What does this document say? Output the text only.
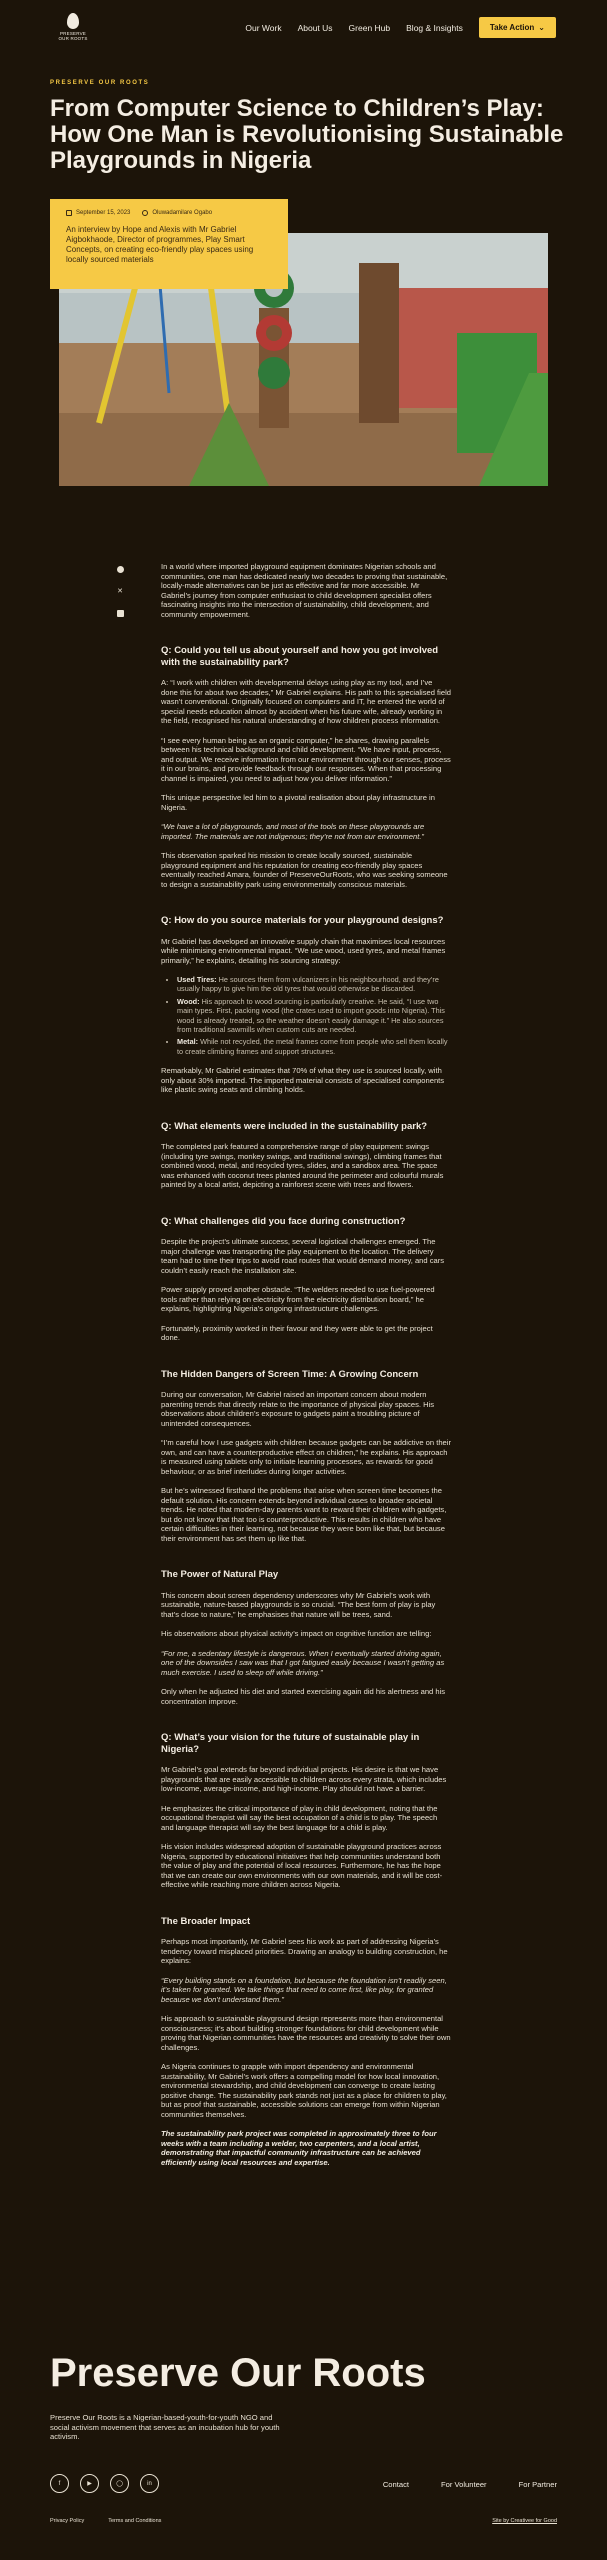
PRESERVE
OUR ROOTS
Our Work About Us Green Hub Blog & Insights	Take Action ⌄
PRESERVE OUR ROOTS
From Computer Science to Children’s Play: How One Man is Revolutionising Sustainable Playgrounds in Nigeria
September 15, 2023	Oluwadamilare Ogabo
An interview by Hope and Alexis with Mr Gabriel Aigbokhaode, Director of programmes, Play Smart Concepts, on creating eco-friendly play spaces using locally sourced materials
✕

In a world where imported playground equipment dominates Nigerian schools and communities, one man has dedicated nearly two decades to proving that sustainable, locally-made alternatives can be just as effective and far more accessible. Mr Gabriel’s journey from computer enthusiast to child development specialist offers fascinating insights into the intersection of sustainability, child development, and community empowerment.

Q: Could you tell us about yourself and how you got involved with the sustainability park?

A: “I work with children with developmental delays using play as my tool, and I’ve done this for about two decades,” Mr Gabriel explains. His path to this specialised field wasn’t conventional. Originally focused on computers and IT, he entered the world of special needs education almost by accident when his future wife, already working in the field, recognised his natural understanding of how children process information.

“I see every human being as an organic computer,” he shares, drawing parallels between his technical background and child development. “We have input, process, and output. We receive information from our environment through our senses, process it in our brains, and provide feedback through our responses. When that processing channel is impaired, you need to adjust how you deliver information.”

This unique perspective led him to a pivotal realisation about play infrastructure in Nigeria.

“We have a lot of playgrounds, and most of the tools on these playgrounds are imported. The materials are not indigenous; they’re not from our environment.”

This observation sparked his mission to create locally sourced, sustainable playground equipment and his reputation for creating eco-friendly play spaces eventually reached Amara, founder of PreserveOurRoots, who was seeking someone to design a sustainability park using environmentally conscious materials.

Q: How do you source materials for your playground designs?

Mr Gabriel has developed an innovative supply chain that maximises local resources while minimising environmental impact. “We use wood, used tyres, and metal frames primarily,” he explains, detailing his sourcing strategy:

• Used Tires: He sources them from vulcanizers in his neighbourhood, and they’re usually happy to give him the old tyres that would otherwise be discarded.
• Wood: His approach to wood sourcing is particularly creative. He said, “I use two main types. First, packing wood (the crates used to import goods into Nigeria). This wood is already treated, so the weather doesn’t easily damage it.” He also sources from traditional sawmills when custom cuts are needed.
• Metal: While not recycled, the metal frames come from people who sell them locally to create climbing frames and support structures.

Remarkably, Mr Gabriel estimates that 70% of what they use is sourced locally, with only about 30% imported. The imported material consists of specialised components like plastic swing seats and climbing holds.

Q: What elements were included in the sustainability park?

The completed park featured a comprehensive range of play equipment: swings (including tyre swings, monkey swings, and traditional swings), climbing frames that combined wood, metal, and recycled tyres, slides, and a sandbox area. The space was enhanced with coconut trees planted around the perimeter and colourful murals painted by a local artist, depicting a rainforest scene with trees and flowers.

Q: What challenges did you face during construction?

Despite the project’s ultimate success, several logistical challenges emerged. The major challenge was transporting the play equipment to the location. The delivery team had to time their trips to avoid road routes that would demand money, and cars couldn’t easily reach the installation site.

Power supply proved another obstacle. “The welders needed to use fuel-powered tools rather than relying on electricity from the electricity distribution board,” he explains, highlighting Nigeria’s ongoing infrastructure challenges.

Fortunately, proximity worked in their favour and they were able to get the project done.

The Hidden Dangers of Screen Time: A Growing Concern

During our conversation, Mr Gabriel raised an important concern about modern parenting trends that directly relate to the importance of physical play spaces. His observations about children’s exposure to gadgets paint a troubling picture of unintended consequences.

“I’m careful how I use gadgets with children because gadgets can be addictive on their own, and can have a counterproductive effect on children,” he explains. His approach is measured using tablets only to initiate learning processes, as rewards for good behaviour, or as brief interludes during longer activities.

But he’s witnessed firsthand the problems that arise when screen time becomes the default solution. His concern extends beyond individual cases to broader societal trends. He noted that modern-day parents want to reward their children with gadgets, but do not know that that too is counterproductive. This results in children who have certain difficulties in their learning, not because they were born like that, but because their environment has set them up like that.

The Power of Natural Play

This concern about screen dependency underscores why Mr Gabriel’s work with sustainable, nature-based playgrounds is so crucial. “The best form of play is play that’s close to nature,” he emphasises that nature will be trees, sand.

His observations about physical activity’s impact on cognitive function are telling:

“For me, a sedentary lifestyle is dangerous. When I eventually started driving again, one of the downsides I saw was that I got fatigued easily because I wasn’t getting as much exercise. I used to sleep off while driving.”

Only when he adjusted his diet and started exercising again did his alertness and his concentration improve.

Q: What’s your vision for the future of sustainable play in Nigeria?

Mr Gabriel’s goal extends far beyond individual projects. His desire is that we have playgrounds that are easily accessible to children across every strata, which includes low-income, average-income, and high-income. Play should not have a barrier.

He emphasizes the critical importance of play in child development, noting that the occupational therapist will say the best occupation of a child is to play. The speech and language therapist will say the best language for a child is play.

His vision includes widespread adoption of sustainable playground practices across Nigeria, supported by educational initiatives that help communities understand both the value of play and the potential of local resources. Furthermore, he has the hope that we can create our own environments with our own materials, and it will be cost-effective while reaching more children across Nigeria.

The Broader Impact

Perhaps most importantly, Mr Gabriel sees his work as part of addressing Nigeria’s tendency toward misplaced priorities. Drawing an analogy to building construction, he explains:

“Every building stands on a foundation, but because the foundation isn’t readily seen, it’s taken for granted. We take things that need to come first, like play, for granted because we don’t understand them.”

His approach to sustainable playground design represents more than environmental consciousness; it’s about building stronger foundations for child development while proving that Nigerian communities have the resources and creativity to solve their own challenges.

As Nigeria continues to grapple with import dependency and environmental sustainability, Mr Gabriel’s work offers a compelling model for how local innovation, environmental stewardship, and child development can converge to create lasting positive change. The sustainability park stands not just as a place for children to play, but as proof that sustainable, accessible solutions can emerge from within Nigerian communities themselves.

The sustainability park project was completed in approximately three to four weeks with a team including a welder, two carpenters, and a local artist, demonstrating that impactful community infrastructure can be achieved efficiently using local resources and expertise.

Preserve Our Roots
Preserve Our Roots is a Nigerian-based-youth-for-youth NGO and social activism movement that serves as an incubation hub for youth activism.
f	▶	◯	in	Contact	For Volunteer	For Partner
Privacy Policy	Terms and Conditions	Site by Creativee for Good
